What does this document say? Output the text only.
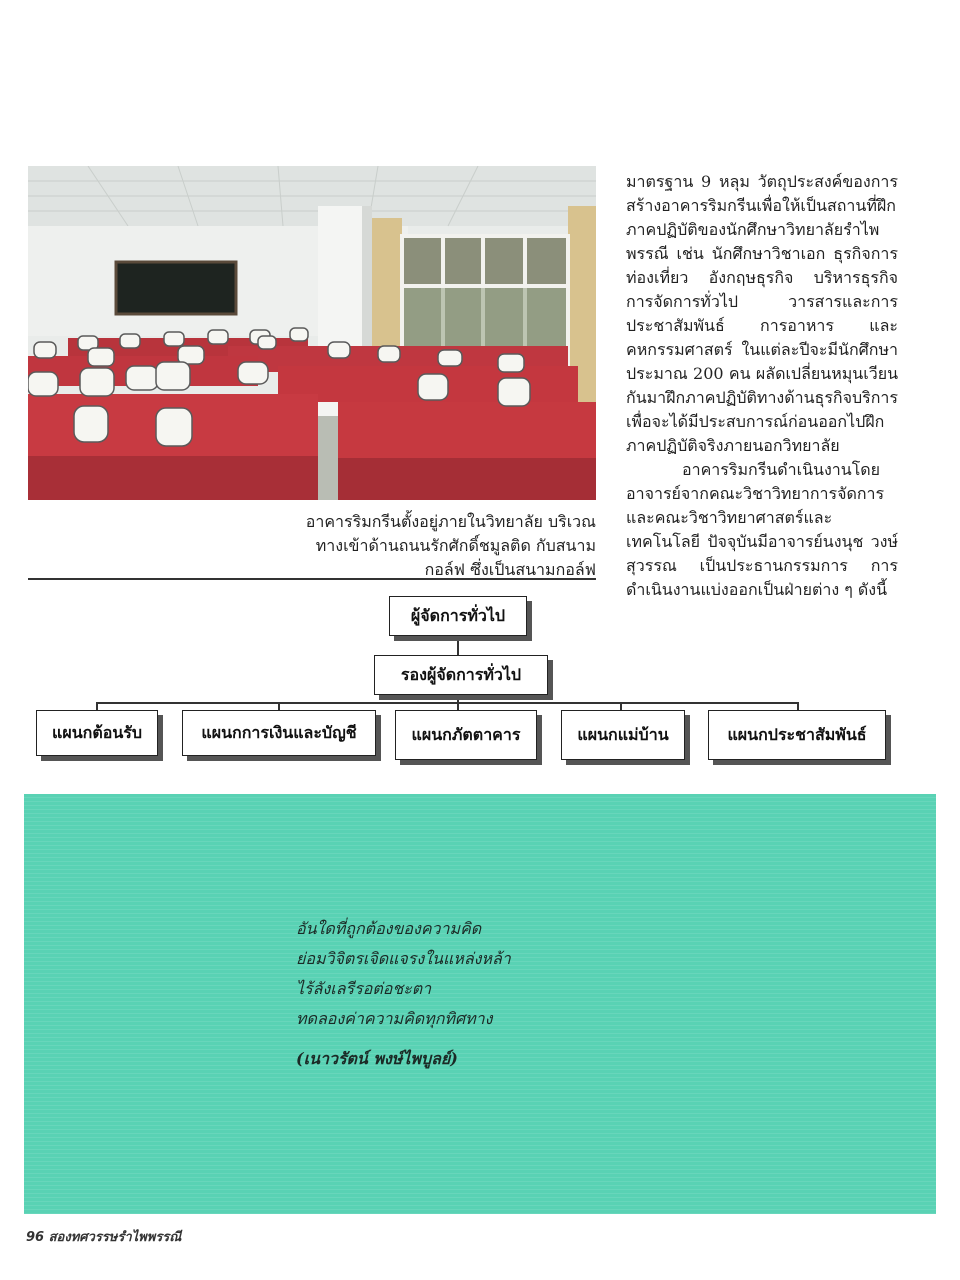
อาคารริมกรีนตั้งอยู่ภายในวิทยาลัย บริเวณทางเข้าด้านถนนรักศักดิ์ชมูลติด กับสนามกอล์ฟ ซึ่งเป็นสนามกอล์ฟ

มาตรฐาน 9 หลุม วัตถุประสงค์ของการสร้างอาคารริมกรีนเพื่อให้เป็นสถานที่ฝึกภาคปฏิบัติของนักศึกษาวิทยาลัยรำไพพรรณี เช่น นักศึกษาวิชาเอก ธุรกิจการท่องเที่ยว อังกฤษธุรกิจ บริหารธุรกิจ การจัดการทั่วไป วารสารและการประชาสัมพันธ์ การอาหาร และคหกรรมศาสตร์ ในแต่ละปีจะมีนักศึกษาประมาณ 200 คน ผลัดเปลี่ยนหมุนเวียนกันมาฝึกภาคปฏิบัติทางด้านธุรกิจบริการ เพื่อจะได้มีประสบการณ์ก่อนออกไปฝึกภาคปฏิบัติจริงภายนอกวิทยาลัย

อาคารริมกรีนดำเนินงานโดยอาจารย์จากคณะวิชาวิทยาการจัดการและคณะวิชาวิทยาศาสตร์และเทคโนโลยี ปัจจุบันมีอาจารย์นงนุช วงษ์สุวรรณ เป็นประธานกรรมการ การดำเนินงานแบ่งออกเป็นฝ่ายต่าง ๆ ดังนี้

ผู้จัดการทั่วไป
รองผู้จัดการทั่วไป
แผนกต้อนรับ	แผนกการเงินและบัญชี	แผนกภัตตาคาร	แผนกแม่บ้าน	แผนกประชาสัมพันธ์
อันใดที่ถูกต้องของความคิด
ย่อมวิจิตรเจิดแจรงในแหล่งหล้า
ไร้ลังเลรีรอต่อชะตา
ทดลองค่าความคิดทุกทิศทาง
(เนาวรัตน์ พงษ์ไพบูลย์)
96 สองทศวรรษรำไพพรรณี
